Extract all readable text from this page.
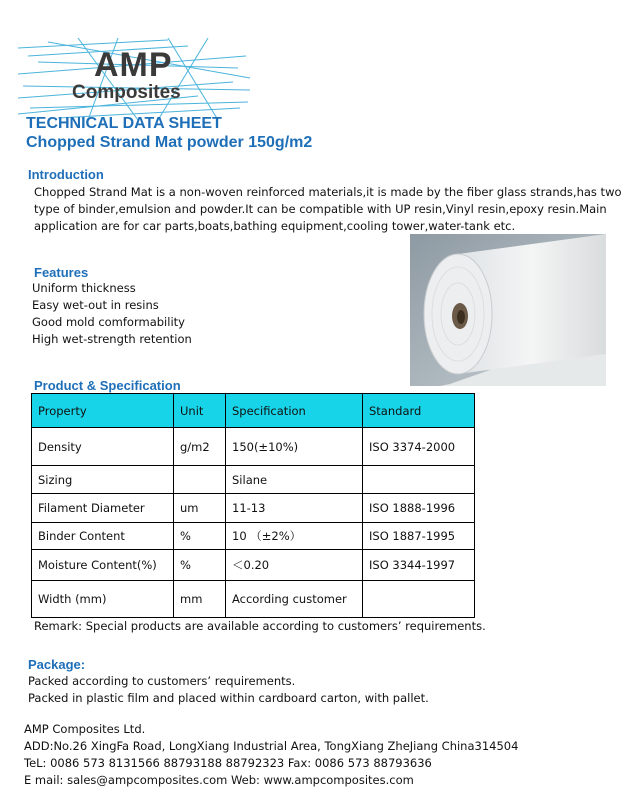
AMP
Composites
TECHNICAL DATA SHEET
Chopped Strand Mat powder 150g/m2
Introduction
Chopped Strand Mat is a non-woven reinforced materials,it is made by the fiber glass strands,has two
type of binder,emulsion and powder.It can be compatible with UP resin,Vinyl resin,epoxy resin.Main
application are for car parts,boats,bathing equipment,cooling tower,water-tank etc.
Features
Uniform thickness
Easy wet-out in resins
Good mold comformability
High wet-strength retention
Product & Specification
Property	Unit	Specification	Standard
Density	g/m2	150(±10%)	ISO 3374-2000
Sizing		Silane	
Filament Diameter	um	11-13	ISO 1888-1996
Binder Content	%	10 （±2%）	ISO 1887-1995
Moisture Content(%)	%	＜0.20	ISO 3344-1997
Width (mm)	mm	According customer	
Remark: Special products are available according to customers’ requirements.
Package:
Packed according to customers’ requirements.
Packed in plastic film and placed within cardboard carton, with pallet.
AMP Composites Ltd.
ADD:No.26 XingFa Road, LongXiang Industrial Area, TongXiang ZheJiang China314504
TeL: 0086 573 8131566 88793188 88792323 Fax: 0086 573 88793636
E mail: sales@ampcomposites.com Web: www.ampcomposites.com
